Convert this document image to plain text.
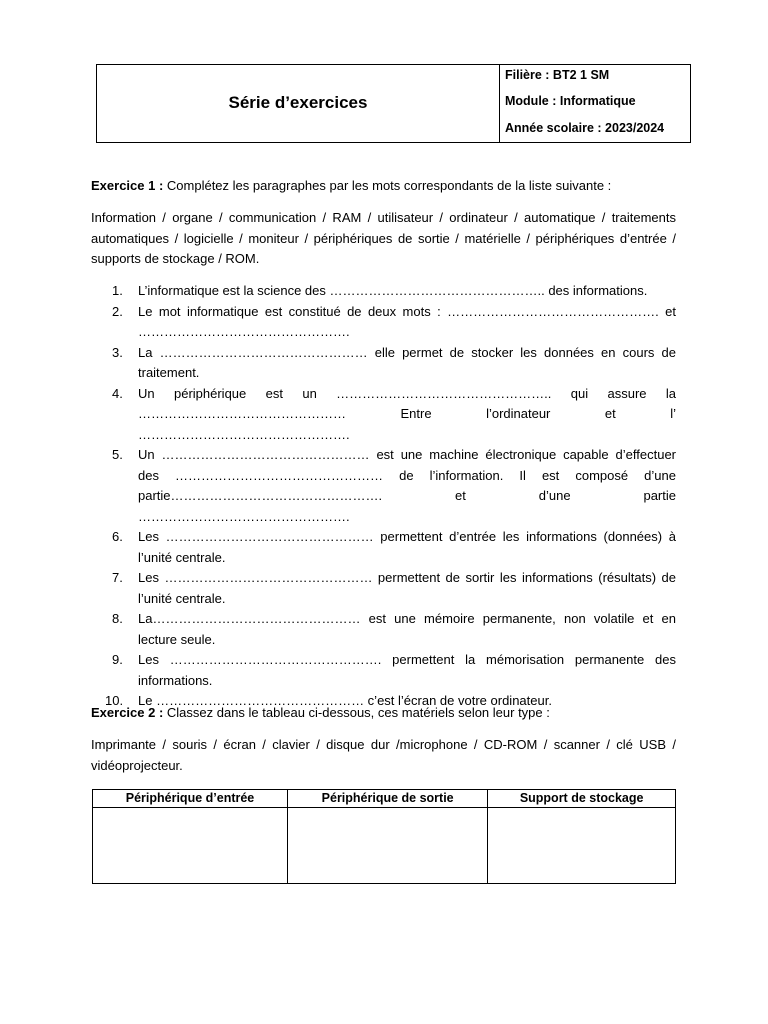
Série d’exercices
Filière : BT2 1 SM
Module : Informatique
Année scolaire : 2023/2024
Exercice 1 : Complétez les paragraphes par les mots correspondants de la liste suivante :
Information / organe / communication / RAM / utilisateur / ordinateur / automatique / traitements automatiques / logicielle / moniteur / périphériques de sortie / matérielle / périphériques d’entrée / supports de stockage / ROM.
1. L’informatique est la science des ………………………………………….. des informations.
2. Le mot informatique est constitué de deux mots : …………………………………………. et ………………………………………….
3. La ………………………………………… elle permet de stocker les données en cours de traitement.
4. Un périphérique est un ………………………………………….. qui assure la ………………………………………… Entre l’ordinateur et l’ ………………………………………….
5. Un ………………………………………… est une machine électronique capable d’effectuer des ………………………………………… de l’information. Il est composé d’une partie…………………………………………. et d’une partie ………………………………………….
6. Les ………………………………………… permettent d’entrée les informations (données) à l’unité centrale.
7. Les ………………………………………… permettent de sortir les informations (résultats) de l’unité centrale.
8. La………………………………………… est une mémoire permanente, non volatile et en lecture seule.
9. Les …………………………………………. permettent la mémorisation permanente des informations.
10. Le ………………………………………… c’est l’écran de votre ordinateur.
Exercice 2 : Classez dans le tableau ci-dessous, ces matériels selon leur type :
Imprimante / souris / écran / clavier / disque dur /microphone / CD-ROM / scanner / clé USB / vidéoprojecteur.
Périphérique d’entrée	Périphérique de sortie	Support de stockage
